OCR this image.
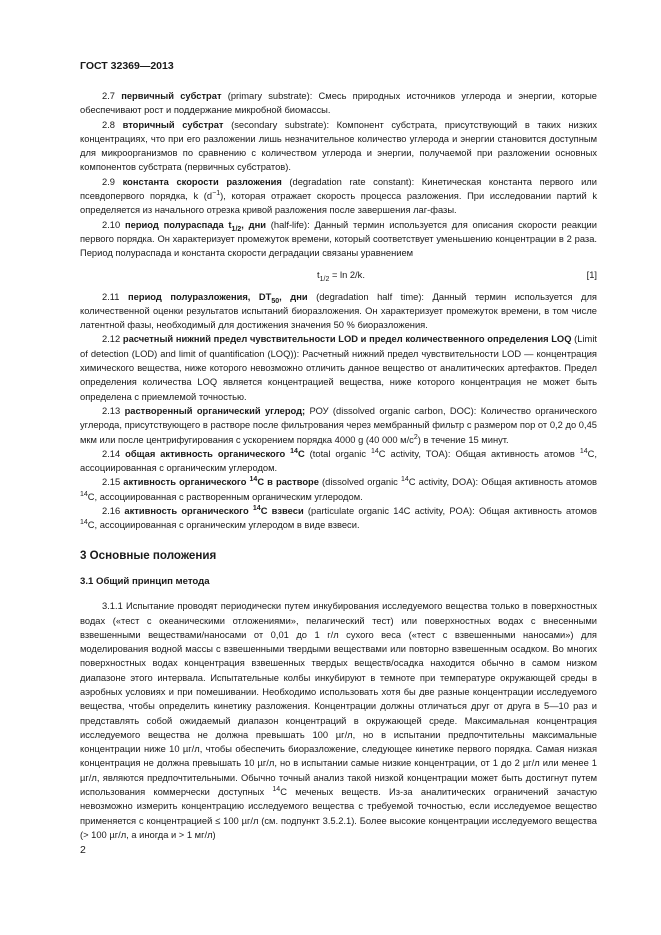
ГОСТ 32369—2013

2.7 первичный субстрат (primary substrate): Смесь природных источников углерода и энергии, которые обеспечивают рост и поддержание микробной биомассы.

2.8 вторичный субстрат (secondary substrate): Компонент субстрата, присутствующий в таких низких концентрациях, что при его разложении лишь незначительное количество углерода и энергии становится доступным для микроорганизмов по сравнению с количеством углерода и энергии, получаемой при разложении основных компонентов субстрата (первичных субстратов).

2.9 константа скорости разложения (degradation rate constant): Кинетическая константа первого или псевдопервого порядка, k $(d^{-1})$, которая отражает скорость процесса разложения. При исследовании партий k определяется из начального отрезка кривой разложения после завершения лаг-фазы.

2.10 период полураспада $t_{1/2}$, дни (half-life): Данный термин используется для описания скорости реакции первого порядка. Он характеризует промежуток времени, который соответствует уменьшению концентрации в 2 раза. Период полураспада и константа скорости деградации связаны уравнением

$t_{1/2} = \ln 2/k$.	[1]

2.11 период полуразложения, $DT_{50}$, дни (degradation half time): Данный термин используется для количественной оценки результатов испытаний биоразложения. Он характеризует промежуток времени, в том числе латентной фазы, необходимый для достижения значения 50 % биоразложения.

2.12 расчетный нижний предел чувствительности LOD и предел количественного определения LOQ (Limit of detection (LOD) and limit of quantification (LOQ)): Расчетный нижний предел чувствительности LOD — концентрация химического вещества, ниже которого невозможно отличить данное вещество от аналитических артефактов. Предел определения количества LOQ является концентрацией вещества, ниже которого концентрация не может быть определена с приемлемой точностью.

2.13 растворенный органический углерод; РОУ (dissolved organic carbon, DOC): Количество органического углерода, присутствующего в растворе после фильтрования через мембранный фильтр с размером пор от 0,2 до 0,45 мкм или после центрифугирования с ускорением порядка 4000 g (40 000 $м/с^2$) в течение 15 минут.

2.14 общая активность органического $^{14}$C (total organic $^{14}$C activity, TOA): Общая активность атомов $^{14}$С, ассоциированная с органическим углеродом.

2.15 активность органического $^{14}$C в растворе (dissolved organic $^{14}$C activity, DOA): Общая активность атомов $^{14}$С, ассоциированная с растворенным органическим углеродом.

2.16 активность органического $^{14}$C взвеси (particulate organic 14C activity, POA): Общая активность атомов $^{14}$С, ассоциированная с органическим углеродом в виде взвеси.

3 Основные положения
3.1 Общий принцип метода

3.1.1 Испытание проводят периодически путем инкубирования исследуемого вещества только в поверхностных водах («тест с океаническими отложениями», пелагический тест) или поверхностных водах с внесенными взвешенными веществами/наносами от 0,01 до 1 г/л сухого веса («тест с взвешенными наносами») для моделирования водной массы с взвешенными твердыми веществами или повторно взвешенным осадком. Во многих поверхностных водах концентрация взвешенных твердых веществ/осадка находится обычно в самом низком диапазоне этого интервала. Испытательные колбы инкубируют в темноте при температуре окружающей среды в аэробных условиях и при помешивании. Необходимо использовать хотя бы две разные концентрации исследуемого вещества, чтобы определить кинетику разложения. Концентрации должны отличаться друг от друга в 5—10 раз и представлять собой ожидаемый диапазон концентраций в окружающей среде. Максимальная концентрация исследуемого вещества не должна превышать 100 µг/л, но в испытании предпочтительны максимальные концентрации ниже 10 µг/л, чтобы обеспечить биоразложение, следующее кинетике первого порядка. Самая низкая концентрация не должна превышать 10 µг/л, но в испытании самые низкие концентрации, от 1 до 2 µг/л или менее 1 µг/л, являются предпочтительными. Обычно точный анализ такой низкой концентрации может быть достигнут путем использования коммерчески доступных $^{14}$С меченых веществ. Из-за аналитических ограничений зачастую невозможно измерить концентрацию исследуемого вещества с требуемой точностью, если исследуемое вещество применяется с концентрацией ≤ 100 µг/л (см. подпункт 3.5.2.1). Более высокие концентрации исследуемого вещества (> 100 µг/л, а иногда и > 1 мг/л)

2
